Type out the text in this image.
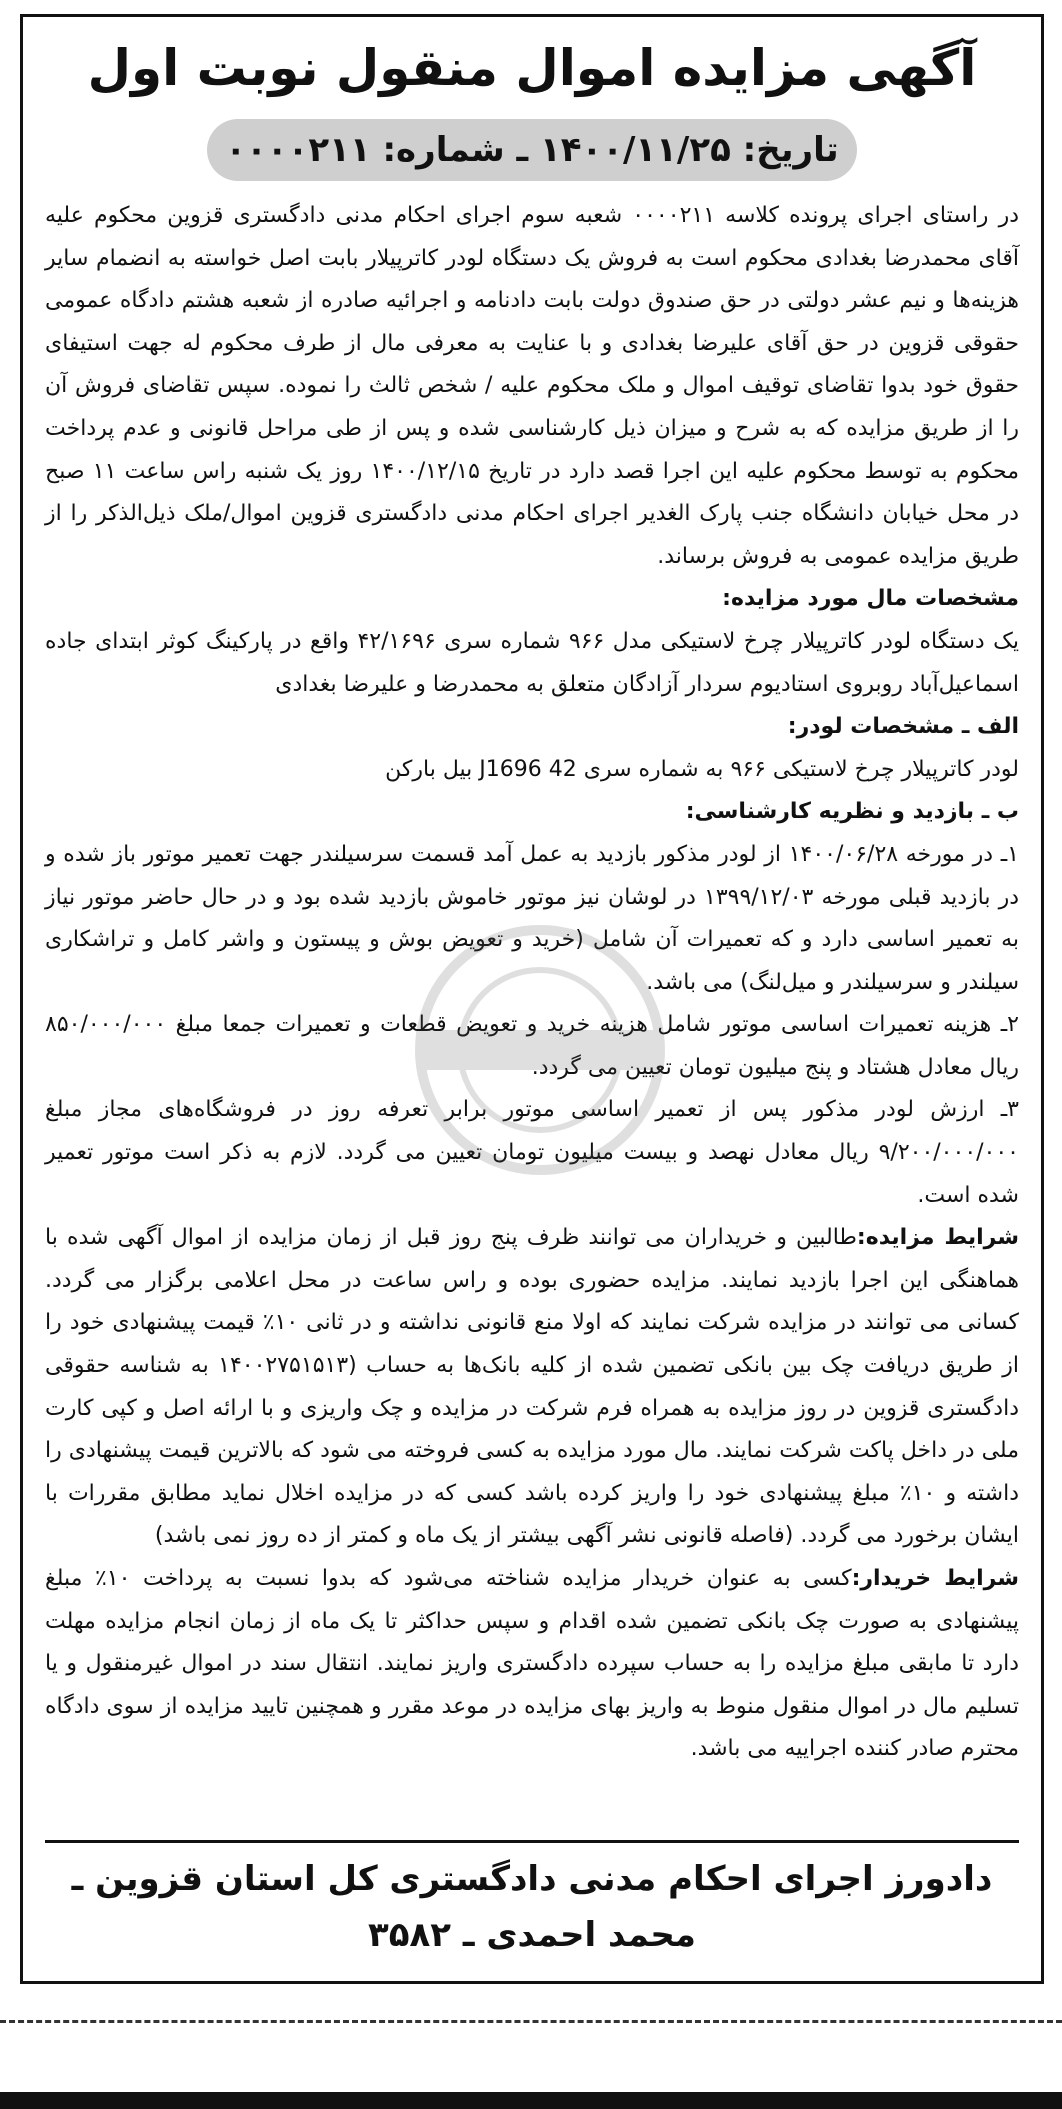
آگهی مزایده اموال منقول نوبت اول
تاریخ: ۱۴۰۰/۱۱/۲۵ ـ شماره: ۰۰۰۰۲۱۱

در راستای اجرای پرونده کلاسه ۰۰۰۰۲۱۱ شعبه سوم اجرای احکام مدنی دادگستری قزوین محکوم علیه آقای محمدرضا بغدادی محکوم است به فروش یک دستگاه لودر کاترپیلار بابت اصل خواسته به انضمام سایر هزینه‌ها و نیم عشر دولتی در حق صندوق دولت بابت دادنامه و اجرائیه صادره از شعبه هشتم دادگاه عمومی حقوقی قزوین در حق آقای علیرضا بغدادی و با عنایت به معرفی مال از طرف محکوم له جهت استیفای حقوق خود بدوا تقاضای توقیف اموال و ملک محکوم علیه / شخص ثالث را نموده. سپس تقاضای فروش آن را از طریق مزایده که به شرح و میزان ذیل کارشناسی شده و پس از طی مراحل قانونی و عدم پرداخت محکوم به توسط محکوم علیه این اجرا قصد دارد در تاریخ ۱۴۰۰/۱۲/۱۵ روز یک شنبه راس ساعت ۱۱ صبح در محل خیابان دانشگاه جنب پارک الغدیر اجرای احکام مدنی دادگستری قزوین اموال/ملک ذیل‌الذکر را از طریق مزایده عمومی به فروش برساند.

مشخصات مال مورد مزایده:

یک دستگاه لودر کاترپیلار چرخ لاستیکی مدل ۹۶۶ شماره سری ۴۲/۱۶۹۶ واقع در پارکینگ کوثر ابتدای جاده اسماعیل‌آباد روبروی استادیوم سردار آزادگان متعلق به محمدرضا و علیرضا بغدادی

الف ـ مشخصات لودر:

لودر کاترپیلار چرخ لاستیکی ۹۶۶ به شماره سری J1696 42 بیل بارکن

ب ـ بازدید و نظریه کارشناسی:

۱ـ در مورخه ۱۴۰۰/۰۶/۲۸ از لودر مذکور بازدید به عمل آمد قسمت سرسیلندر جهت تعمیر موتور باز شده و در بازدید قبلی مورخه ۱۳۹۹/۱۲/۰۳ در لوشان نیز موتور خاموش بازدید شده بود و در حال حاضر موتور نیاز به تعمیر اساسی دارد و که تعمیرات آن شامل (خرید و تعویض بوش و پیستون و واشر کامل و تراشکاری سیلندر و سرسیلندر و میل‌لنگ) می باشد.

۲ـ هزینه تعمیرات اساسی موتور شامل هزینه خرید و تعویض قطعات و تعمیرات جمعا مبلغ ۸۵۰/۰۰۰/۰۰۰ ریال معادل هشتاد و پنج میلیون تومان تعیین می گردد.

۳ـ ارزش لودر مذکور پس از تعمیر اساسی موتور برابر تعرفه روز در فروشگاه‌های مجاز مبلغ ۹/۲۰۰/۰۰۰/۰۰۰ ریال معادل نهصد و بیست میلیون تومان تعیین می گردد. لازم به ذکر است موتور تعمیر شده است.

شرایط مزایده:طالبین و خریداران می توانند ظرف پنج روز قبل از زمان مزایده از اموال آگهی شده با هماهنگی این اجرا بازدید نمایند. مزایده حضوری بوده و راس ساعت در محل اعلامی برگزار می گردد. کسانی می توانند در مزایده شرکت نمایند که اولا منع قانونی نداشته و در ثانی ۱۰٪ قیمت پیشنهادی خود را از طریق دریافت چک بین بانکی تضمین شده از کلیه بانک‌ها به حساب (۱۴۰۰۲۷۵۱۵۱۳ به شناسه حقوقی دادگستری قزوین در روز مزایده به همراه فرم شرکت در مزایده و چک واریزی و با ارائه اصل و کپی کارت ملی در داخل پاکت شرکت نمایند. مال مورد مزایده به کسی فروخته می شود که بالاترین قیمت پیشنهادی را داشته و ۱۰٪ مبلغ پیشنهادی خود را واریز کرده باشد کسی که در مزایده اخلال نماید مطابق مقررات با ایشان برخورد می گردد. (فاصله قانونی نشر آگهی بیشتر از یک ماه و کمتر از ده روز نمی باشد)

شرایط خریدار:کسی به عنوان خریدار مزایده شناخته می‌شود که بدوا نسبت به پرداخت ۱۰٪ مبلغ پیشنهادی به صورت چک بانکی تضمین شده اقدام و سپس حداکثر تا یک ماه از زمان انجام مزایده مهلت دارد تا مابقی مبلغ مزایده را به حساب سپرده دادگستری واریز نمایند. انتقال سند در اموال غیرمنقول و یا تسلیم مال در اموال منقول منوط به واریز بهای مزایده در موعد مقرر و همچنین تایید مزایده از سوی دادگاه محترم صادر کننده اجراییه می باشد.

دادورز اجرای احکام مدنی دادگستری کل استان قزوین ـ محمد احمدی ـ ۳۵۸۲
